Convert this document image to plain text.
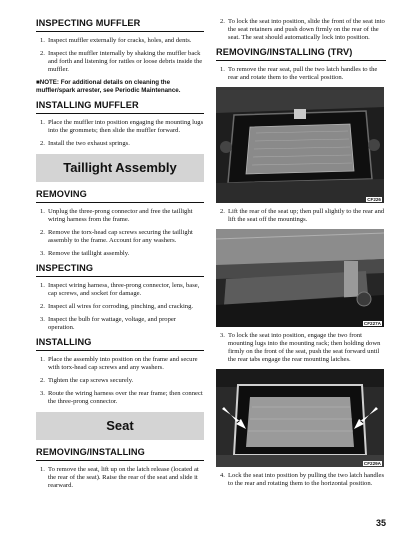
INSPECTING MUFFLER
1. Inspect muffler externally for cracks, holes, and dents.
2. Inspect the muffler internally by shaking the muffler back and forth and listening for rattles or loose debris inside the muffler.
■NOTE: For additional details on cleaning the muffler/spark arrester, see Periodic Maintenance.
INSTALLING MUFFLER
1. Place the muffler into position engaging the mounting lugs into the grommets; then slide the muffler forward.
2. Install the two exhaust springs.
Taillight Assembly
REMOVING
1. Unplug the three-prong connector and free the taillight wiring harness from the frame.
2. Remove the torx-head cap screws securing the taillight assembly to the frame. Account for any washers.
3. Remove the taillight assembly.
INSPECTING
1. Inspect wiring harness, three-prong connector, lens, base, cap screws, and socket for damage.
2. Inspect all wires for corroding, pinching, and cracking.
3. Inspect the bulb for wattage, voltage, and proper operation.
INSTALLING
1. Place the assembly into position on the frame and secure with torx-head cap screws and any washers.
2. Tighten the cap screws securely.
3. Route the wiring harness over the rear frame; then connect the three-prong connector.
Seat
REMOVING/INSTALLING
1. To remove the seat, lift up on the latch release (located at the rear of the seat). Raise the rear of the seat and slide it rearward.
2. To lock the seat into position, slide the front of the seat into the seat retainers and push down firmly on the rear of the seat. The seat should automatically lock into position.
REMOVING/INSTALLING (TRV)
1. To remove the rear seat, pull the two latch handles to the rear and rotate them to the vertical position.
CF226
2. Lift the rear of the seat up; then pull slightly to the rear and lift the seat off the mountings.
CF227A
3. To lock the seat into position, engage the two front mounting lugs into the mounting rack; then holding down firmly on the front of the seat, push the seat forward until the rear tabs engage the rear mounting latches.
CF229A
4. Lock the seat into position by pulling the two latch handles to the rear and rotating them to the horizontal position.
35
